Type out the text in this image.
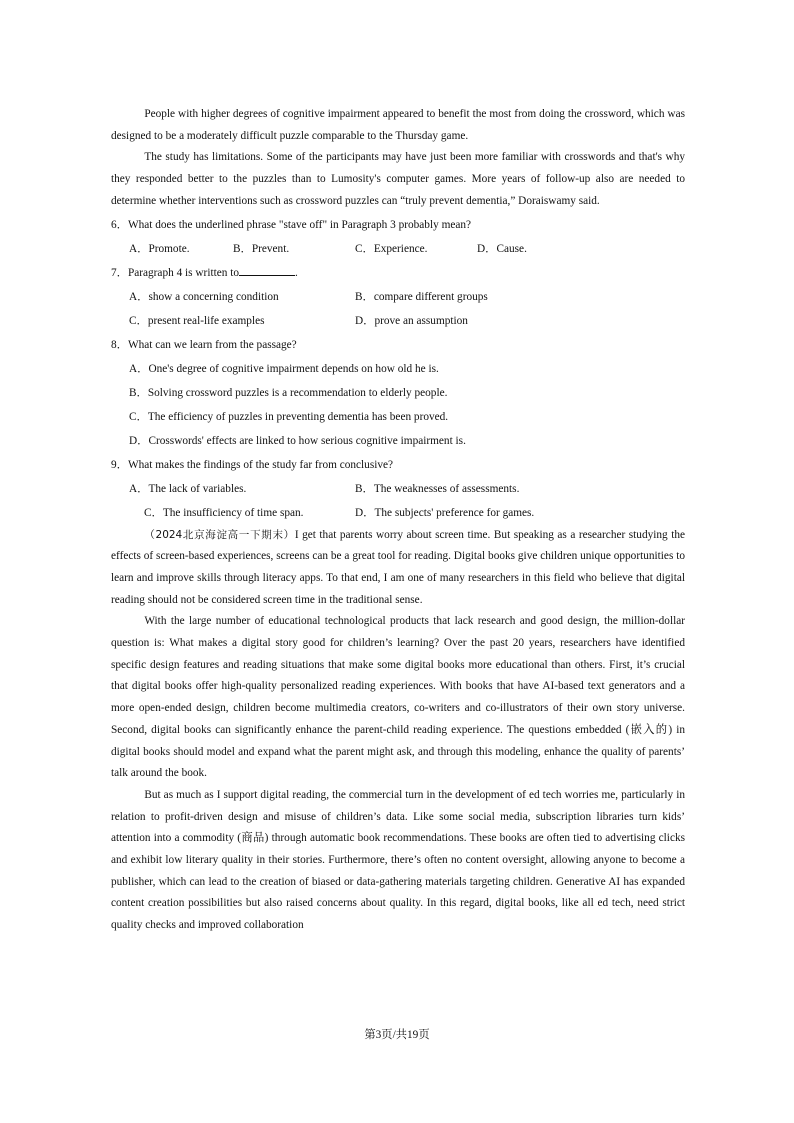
People with higher degrees of cognitive impairment appeared to benefit the most from doing the crossword, which was designed to be a moderately difficult puzzle comparable to the Thursday game.

The study has limitations. Some of the participants may have just been more familiar with crosswords and that's why they responded better to the puzzles than to Lumosity's computer games. More years of follow-up also are needed to determine whether interventions such as crossword puzzles can “truly prevent dementia,” Doraiswamy said.

6．What does the underlined phrase "stave off" in Paragraph 3 probably mean?
A．Promote.	B．Prevent.	C．Experience.	D．Cause.
7．Paragraph 4 is written to	.
A．show a concerning condition	B．compare different groups
C．present real-life examples	D．prove an assumption
8．What can we learn from the passage?
A．One's degree of cognitive impairment depends on how old he is.
B．Solving crossword puzzles is a recommendation to elderly people.
C．The efficiency of puzzles in preventing dementia has been proved.
D．Crosswords' effects are linked to how serious cognitive impairment is.
9．What makes the findings of the study far from conclusive?
A．The lack of variables.	B．The weaknesses of assessments.
C．The insufficiency of time span.	D．The subjects' preference for games.

（2024北京海淀高一下期末）I get that parents worry about screen time. But speaking as a researcher studying the effects of screen-based experiences, screens can be a great tool for reading. Digital books give children unique opportunities to learn and improve skills through literacy apps. To that end, I am one of many researchers in this field who believe that digital reading should not be considered screen time in the traditional sense.

With the large number of educational technological products that lack research and good design, the million-dollar question is: What makes a digital story good for children’s learning? Over the past 20 years, researchers have identified specific design features and reading situations that make some digital books more educational than others. First, it’s crucial that digital books offer high-quality personalized reading experiences. With books that have AI-based text generators and a more open-ended design, children become multimedia creators, co-writers and co-illustrators of their own story universe. Second, digital books can significantly enhance the parent-child reading experience. The questions embedded (嵌入的) in digital books should model and expand what the parent might ask, and through this modeling, enhance the quality of parents’ talk around the book.

But as much as I support digital reading, the commercial turn in the development of ed tech worries me, particularly in relation to profit-driven design and misuse of children’s data. Like some social media, subscription libraries turn kids’ attention into a commodity (商品) through automatic book recommendations. These books are often tied to advertising clicks and exhibit low literary quality in their stories. Furthermore, there’s often no content oversight, allowing anyone to become a publisher, which can lead to the creation of biased or data-gathering materials targeting children. Generative AI has expanded content creation possibilities but also raised concerns about quality. In this regard, digital books, like all ed tech, need strict quality checks and improved collaboration

第3页/共19页
